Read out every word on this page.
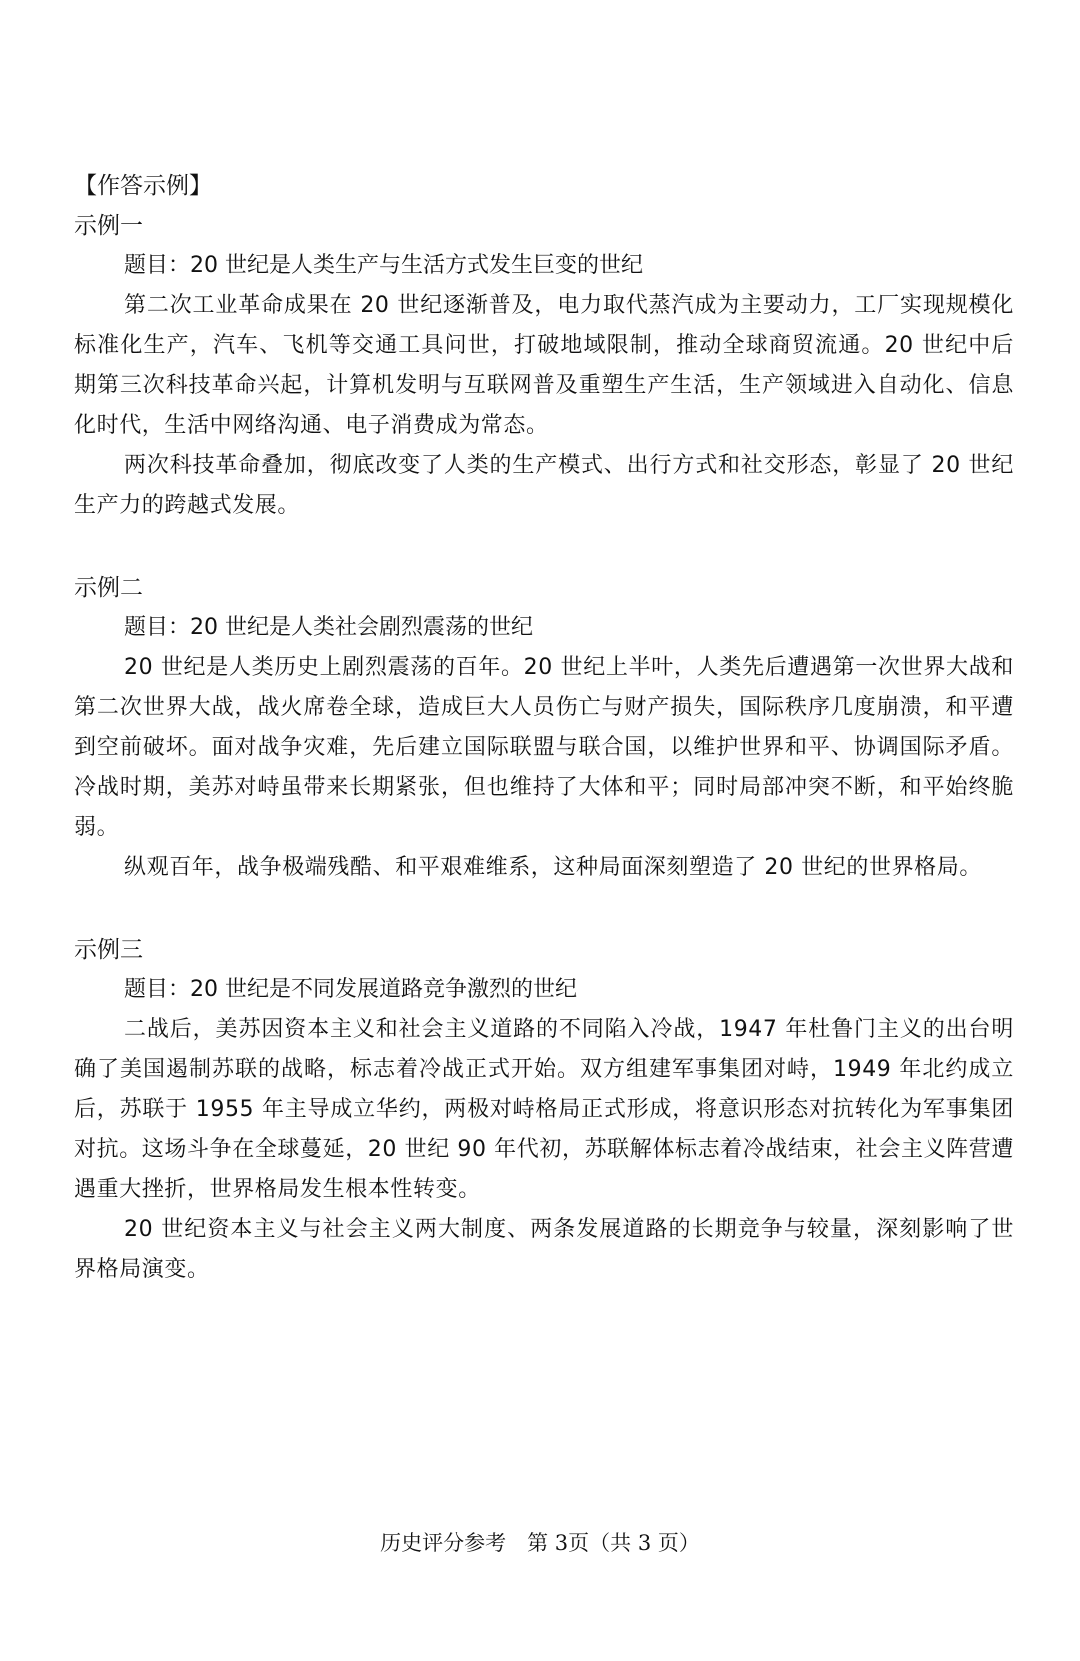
【作答示例】

示例一

题目：20 世纪是人类生产与生活方式发生巨变的世纪

第二次工业革命成果在 20 世纪逐渐普及，电力取代蒸汽成为主要动力，工厂实现规模化标准化生产，汽车、飞机等交通工具问世，打破地域限制，推动全球商贸流通。20 世纪中后期第三次科技革命兴起，计算机发明与互联网普及重塑生产生活，生产领域进入自动化、信息化时代，生活中网络沟通、电子消费成为常态。

两次科技革命叠加，彻底改变了人类的生产模式、出行方式和社交形态，彰显了 20 世纪生产力的跨越式发展。

示例二

题目：20 世纪是人类社会剧烈震荡的世纪

20 世纪是人类历史上剧烈震荡的百年。20 世纪上半叶，人类先后遭遇第一次世界大战和第二次世界大战，战火席卷全球，造成巨大人员伤亡与财产损失，国际秩序几度崩溃，和平遭到空前破坏。面对战争灾难，先后建立国际联盟与联合国，以维护世界和平、协调国际矛盾。冷战时期，美苏对峙虽带来长期紧张，但也维持了大体和平；同时局部冲突不断，和平始终脆弱。

纵观百年，战争极端残酷、和平艰难维系，这种局面深刻塑造了 20 世纪的世界格局。

示例三

题目：20 世纪是不同发展道路竞争激烈的世纪

二战后，美苏因资本主义和社会主义道路的不同陷入冷战，1947 年杜鲁门主义的出台明确了美国遏制苏联的战略，标志着冷战正式开始。双方组建军事集团对峙，1949 年北约成立后，苏联于 1955 年主导成立华约，两极对峙格局正式形成，将意识形态对抗转化为军事集团对抗。这场斗争在全球蔓延，20 世纪 90 年代初，苏联解体标志着冷战结束，社会主义阵营遭遇重大挫折，世界格局发生根本性转变。

20 世纪资本主义与社会主义两大制度、两条发展道路的长期竞争与较量，深刻影响了世界格局演变。

历史评分参考　第 3页（共 3 页）
